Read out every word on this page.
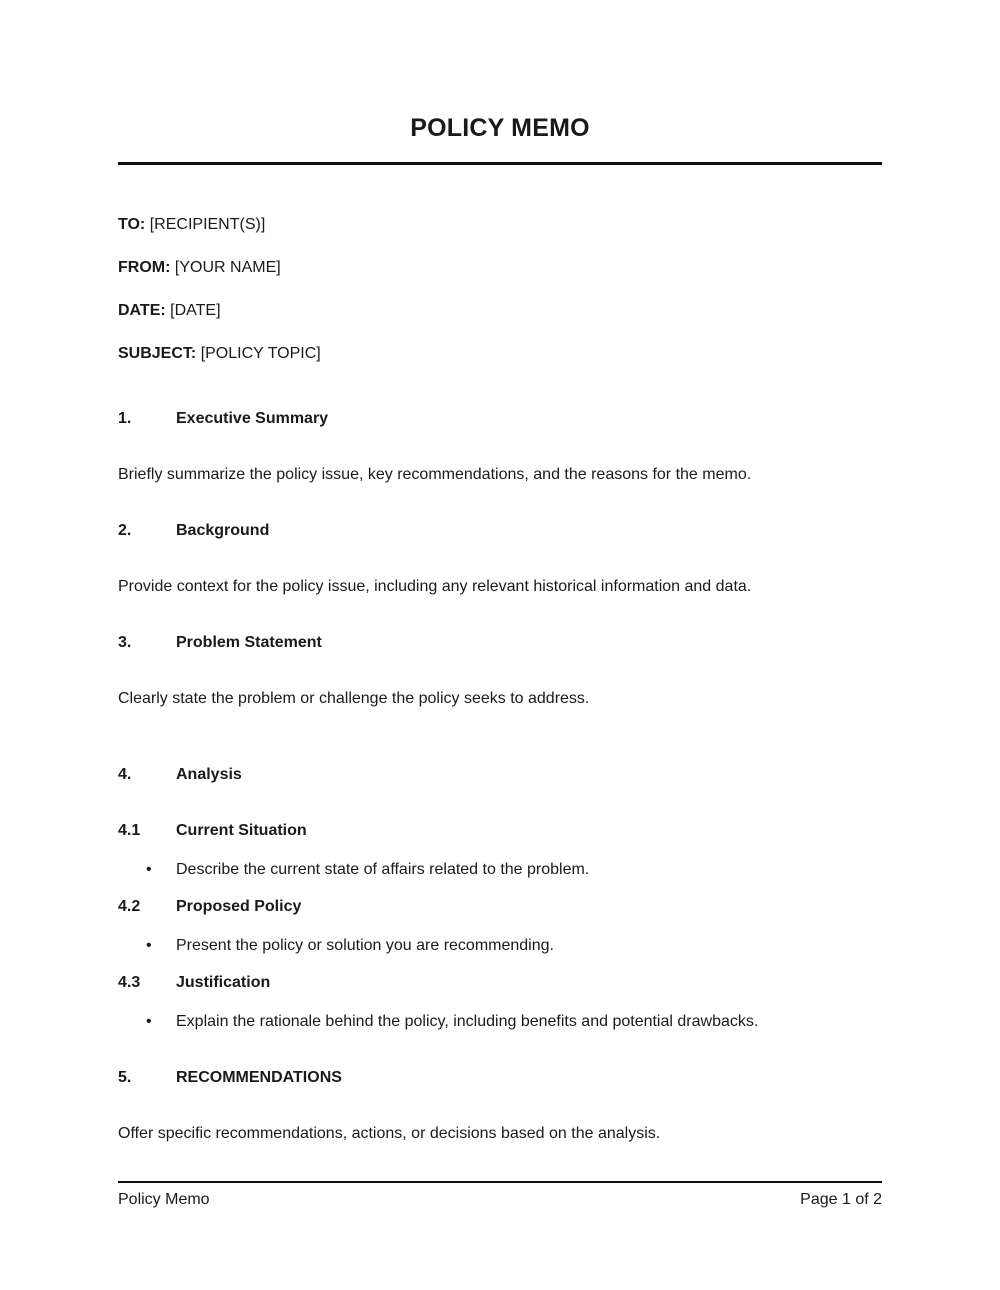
POLICY MEMO
TO: [RECIPIENT(S)]
FROM: [YOUR NAME]
DATE: [DATE]
SUBJECT: [POLICY TOPIC]
1.	Executive Summary
Briefly summarize the policy issue, key recommendations, and the reasons for the memo.
2.	Background
Provide context for the policy issue, including any relevant historical information and data.
3.	Problem Statement
Clearly state the problem or challenge the policy seeks to address.
4.	Analysis
4.1 Current Situation
• Describe the current state of affairs related to the problem.
4.2 Proposed Policy
• Present the policy or solution you are recommending.
4.3 Justification
• Explain the rationale behind the policy, including benefits and potential drawbacks.
5.	RECOMMENDATIONS
Offer specific recommendations, actions, or decisions based on the analysis.
Policy Memo	Page 1 of 2
